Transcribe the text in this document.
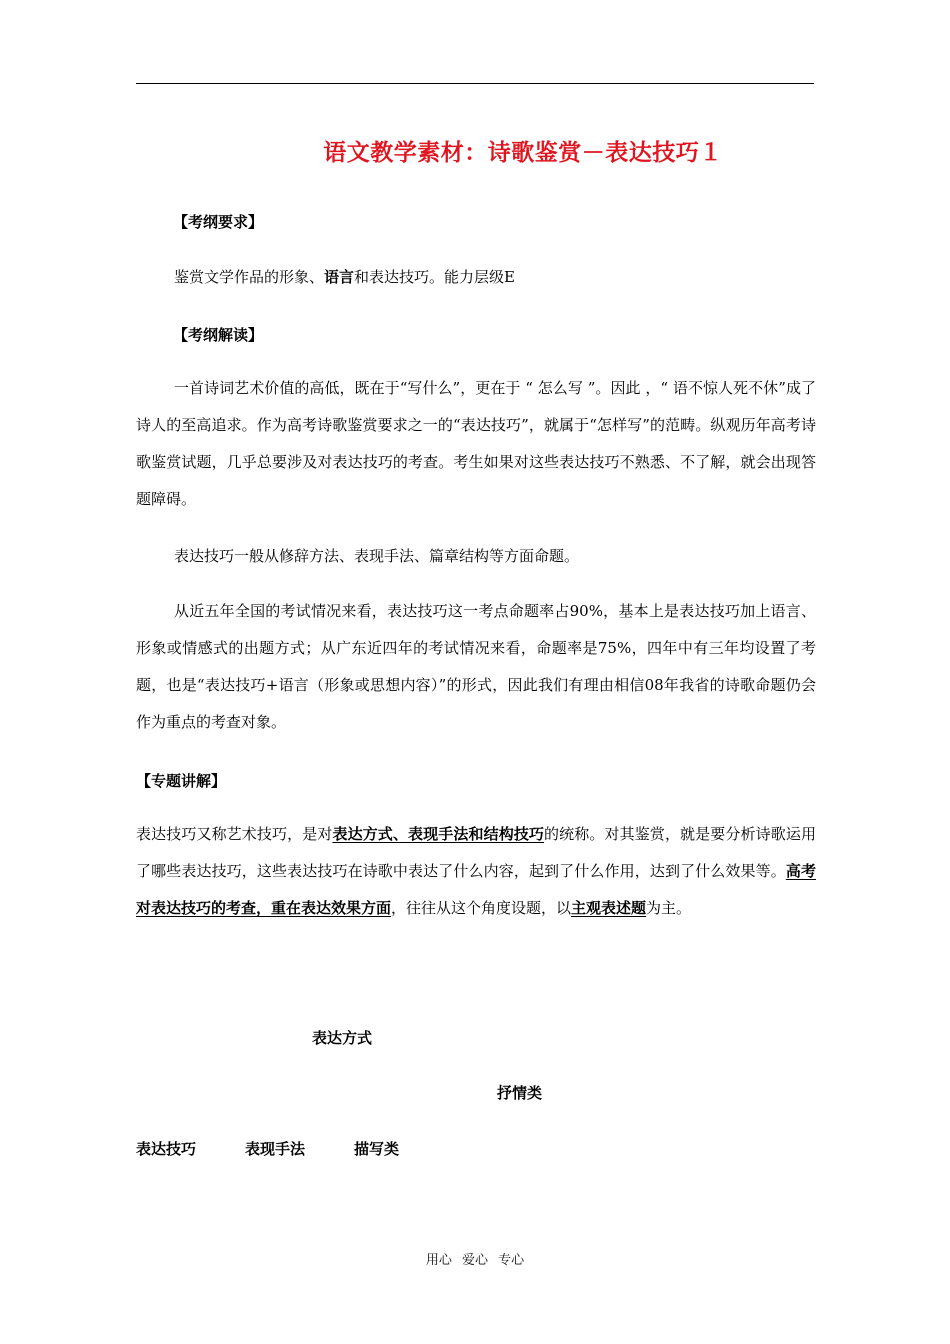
语文教学素材：诗歌鉴赏－表达技巧１
【考纲要求】
鉴赏文学作品的形象、语言和表达技巧。能力层级E
【考纲解读】
一首诗词艺术价值的高低，既在于“写什么”，更在于 “ 怎么写 ”。因此 ，“ 语不惊人死不休”成了诗人的至高追求。作为高考诗歌鉴赏要求之一的“表达技巧”，就属于“怎样写”的范畴。纵观历年高考诗歌鉴赏试题，几乎总要涉及对表达技巧的考查。考生如果对这些表达技巧不熟悉、不了解，就会出现答题障碍。
表达技巧一般从修辞方法、表现手法、篇章结构等方面命题。
从近五年全国的考试情况来看，表达技巧这一考点命题率占90%，基本上是表达技巧加上语言、形象或情感式的出题方式；从广东近四年的考试情况来看，命题率是75%，四年中有三年均设置了考题，也是“表达技巧+语言（形象或思想内容）”的形式，因此我们有理由相信08年我省的诗歌命题仍会作为重点的考查对象。
【专题讲解】
表达技巧又称艺术技巧，是对表达方式、表现手法和结构技巧的统称。对其鉴赏，就是要分析诗歌运用了哪些表达技巧，这些表达技巧在诗歌中表达了什么内容，起到了什么作用，达到了什么效果等。高考对表达技巧的考查，重在表达效果方面，往往从这个角度设题，以主观表述题为主。
表达方式
抒情类
表达技巧	表现手法	描写类
用心 爱心 专心
